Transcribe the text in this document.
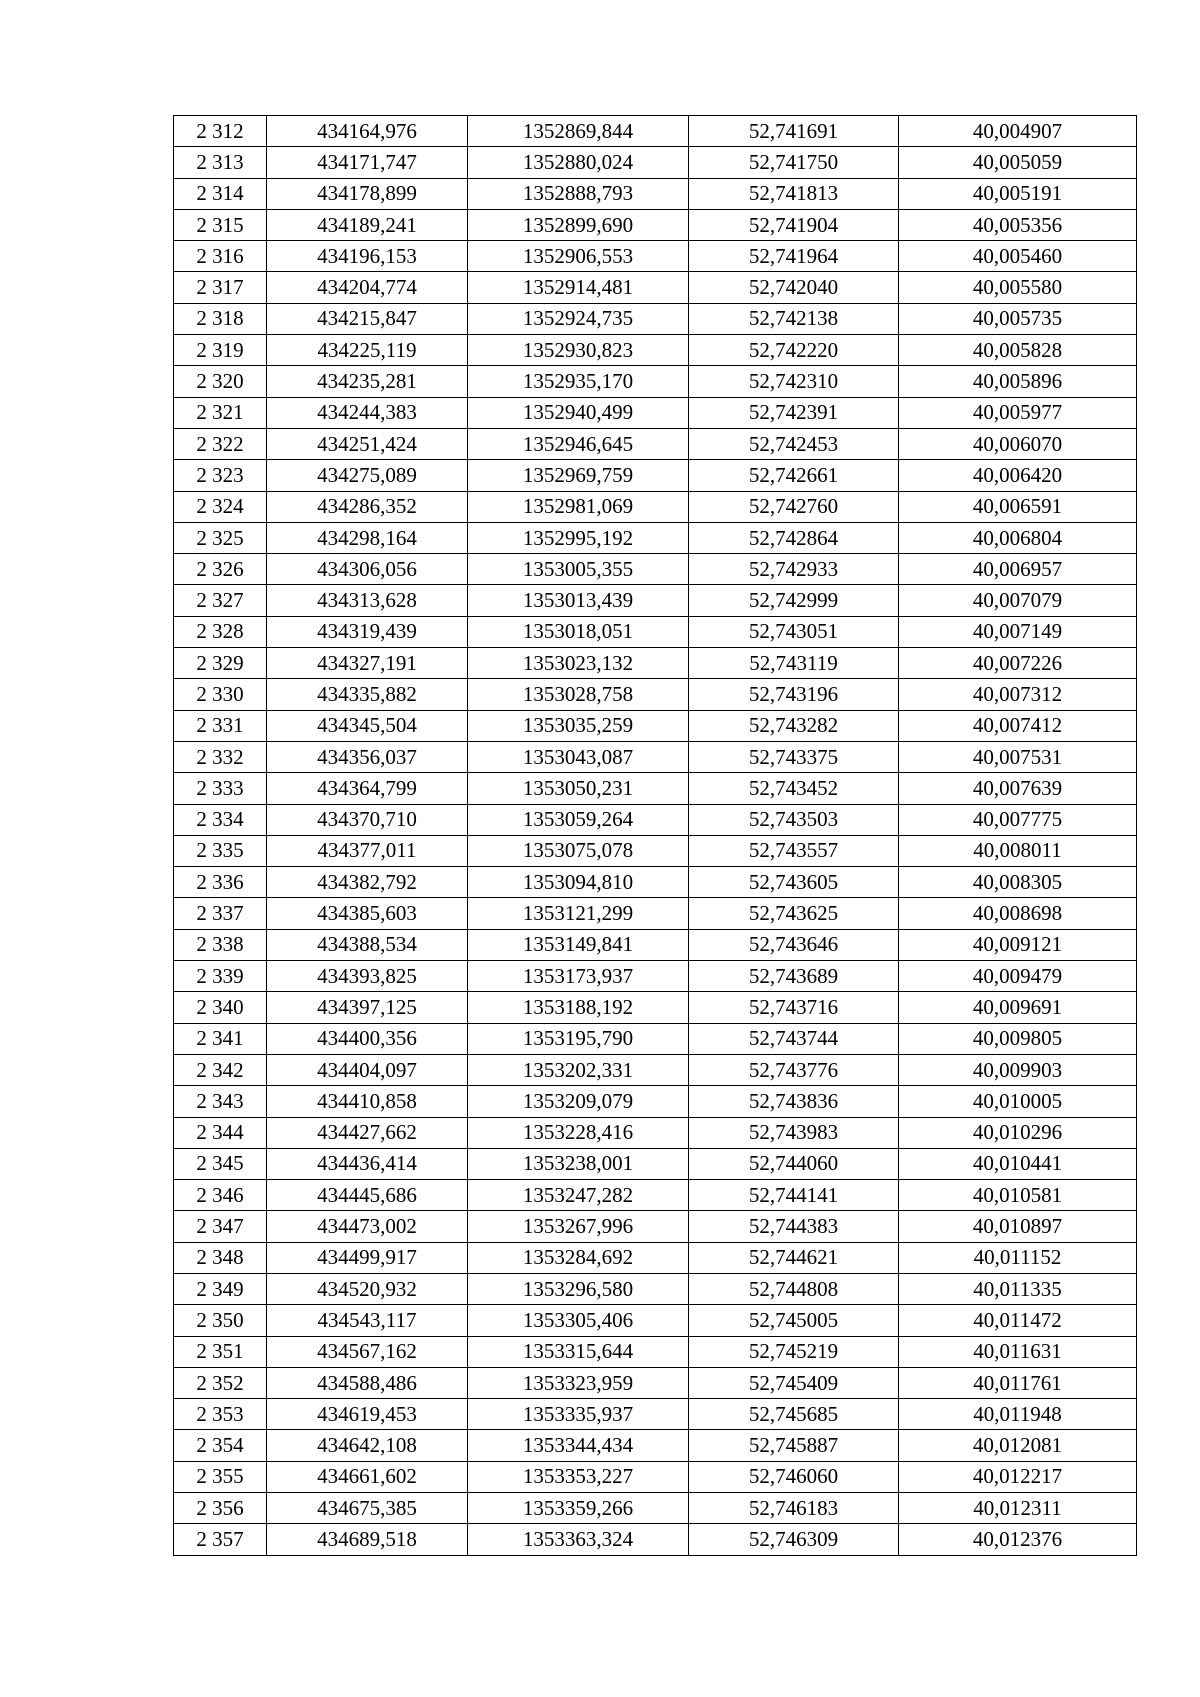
2 312	434164,976	1352869,844	52,741691	40,004907
2 313	434171,747	1352880,024	52,741750	40,005059
2 314	434178,899	1352888,793	52,741813	40,005191
2 315	434189,241	1352899,690	52,741904	40,005356
2 316	434196,153	1352906,553	52,741964	40,005460
2 317	434204,774	1352914,481	52,742040	40,005580
2 318	434215,847	1352924,735	52,742138	40,005735
2 319	434225,119	1352930,823	52,742220	40,005828
2 320	434235,281	1352935,170	52,742310	40,005896
2 321	434244,383	1352940,499	52,742391	40,005977
2 322	434251,424	1352946,645	52,742453	40,006070
2 323	434275,089	1352969,759	52,742661	40,006420
2 324	434286,352	1352981,069	52,742760	40,006591
2 325	434298,164	1352995,192	52,742864	40,006804
2 326	434306,056	1353005,355	52,742933	40,006957
2 327	434313,628	1353013,439	52,742999	40,007079
2 328	434319,439	1353018,051	52,743051	40,007149
2 329	434327,191	1353023,132	52,743119	40,007226
2 330	434335,882	1353028,758	52,743196	40,007312
2 331	434345,504	1353035,259	52,743282	40,007412
2 332	434356,037	1353043,087	52,743375	40,007531
2 333	434364,799	1353050,231	52,743452	40,007639
2 334	434370,710	1353059,264	52,743503	40,007775
2 335	434377,011	1353075,078	52,743557	40,008011
2 336	434382,792	1353094,810	52,743605	40,008305
2 337	434385,603	1353121,299	52,743625	40,008698
2 338	434388,534	1353149,841	52,743646	40,009121
2 339	434393,825	1353173,937	52,743689	40,009479
2 340	434397,125	1353188,192	52,743716	40,009691
2 341	434400,356	1353195,790	52,743744	40,009805
2 342	434404,097	1353202,331	52,743776	40,009903
2 343	434410,858	1353209,079	52,743836	40,010005
2 344	434427,662	1353228,416	52,743983	40,010296
2 345	434436,414	1353238,001	52,744060	40,010441
2 346	434445,686	1353247,282	52,744141	40,010581
2 347	434473,002	1353267,996	52,744383	40,010897
2 348	434499,917	1353284,692	52,744621	40,011152
2 349	434520,932	1353296,580	52,744808	40,011335
2 350	434543,117	1353305,406	52,745005	40,011472
2 351	434567,162	1353315,644	52,745219	40,011631
2 352	434588,486	1353323,959	52,745409	40,011761
2 353	434619,453	1353335,937	52,745685	40,011948
2 354	434642,108	1353344,434	52,745887	40,012081
2 355	434661,602	1353353,227	52,746060	40,012217
2 356	434675,385	1353359,266	52,746183	40,012311
2 357	434689,518	1353363,324	52,746309	40,012376
